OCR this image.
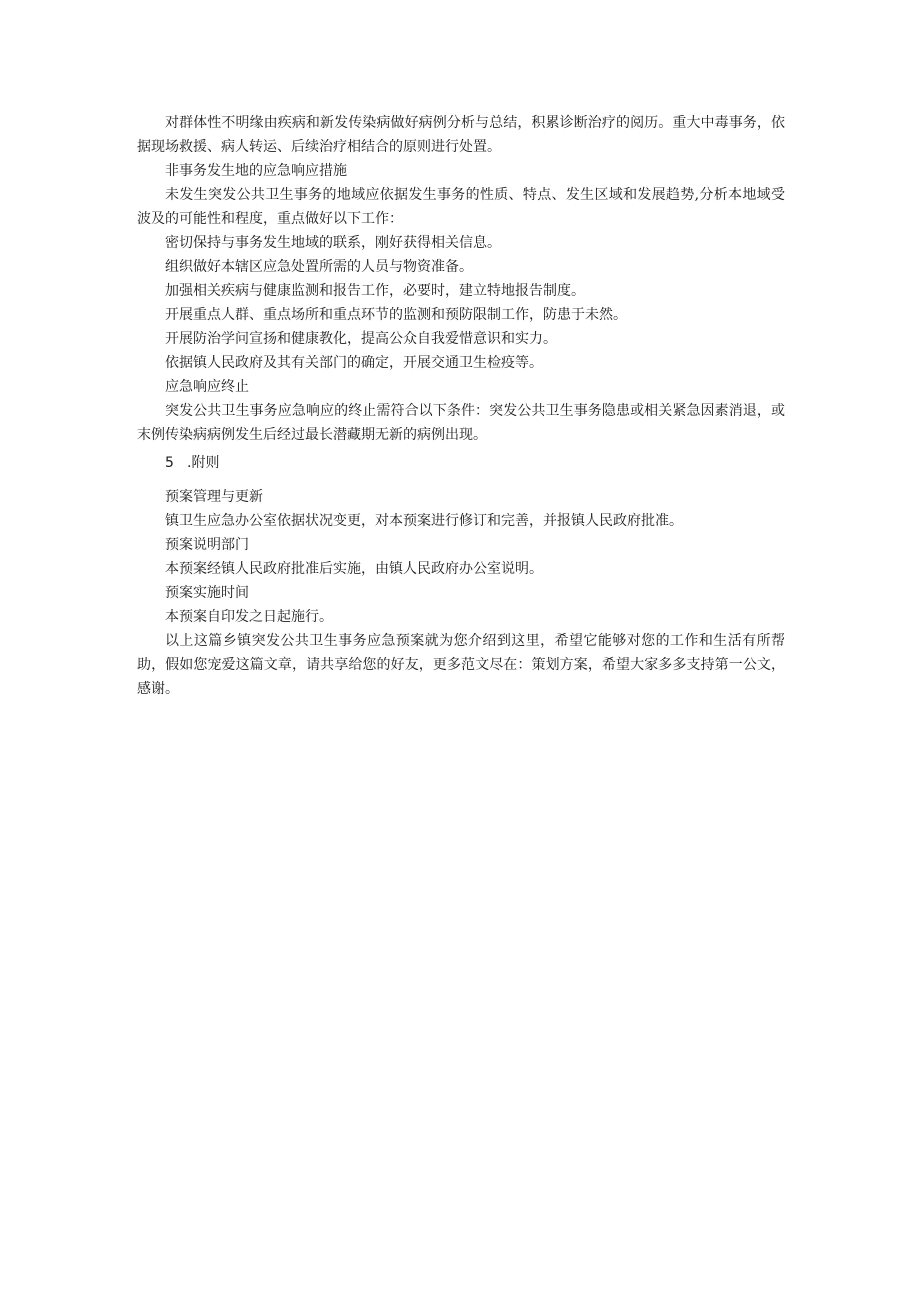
对群体性不明缘由疾病和新发传染病做好病例分析与总结，积累诊断治疗的阅历。重大中毒事务，依据现场救援、病人转运、后续治疗相结合的原则进行处置。

非事务发生地的应急响应措施

未发生突发公共卫生事务的地域应依据发生事务的性质、特点、发生区域和发展趋势,分析本地域受波及的可能性和程度，重点做好以下工作：

密切保持与事务发生地域的联系，刚好获得相关信息。

组织做好本辖区应急处置所需的人员与物资准备。

加强相关疾病与健康监测和报告工作，必要时，建立特地报告制度。

开展重点人群、重点场所和重点环节的监测和预防限制工作，防患于未然。

开展防治学问宣扬和健康教化，提高公众自我爱惜意识和实力。

依据镇人民政府及其有关部门的确定，开展交通卫生检疫等。

应急响应终止

突发公共卫生事务应急响应的终止需符合以下条件：突发公共卫生事务隐患或相关紧急因素消退，或末例传染病病例发生后经过最长潜藏期无新的病例出现。

5 .附则

预案管理与更新

镇卫生应急办公室依据状况变更，对本预案进行修订和完善，并报镇人民政府批准。

预案说明部门

本预案经镇人民政府批准后实施，由镇人民政府办公室说明。

预案实施时间

本预案自印发之日起施行。

以上这篇乡镇突发公共卫生事务应急预案就为您介绍到这里，希望它能够对您的工作和生活有所帮助，假如您宠爱这篇文章，请共享给您的好友，更多范文尽在：策划方案，希望大家多多支持第一公文，感谢。
